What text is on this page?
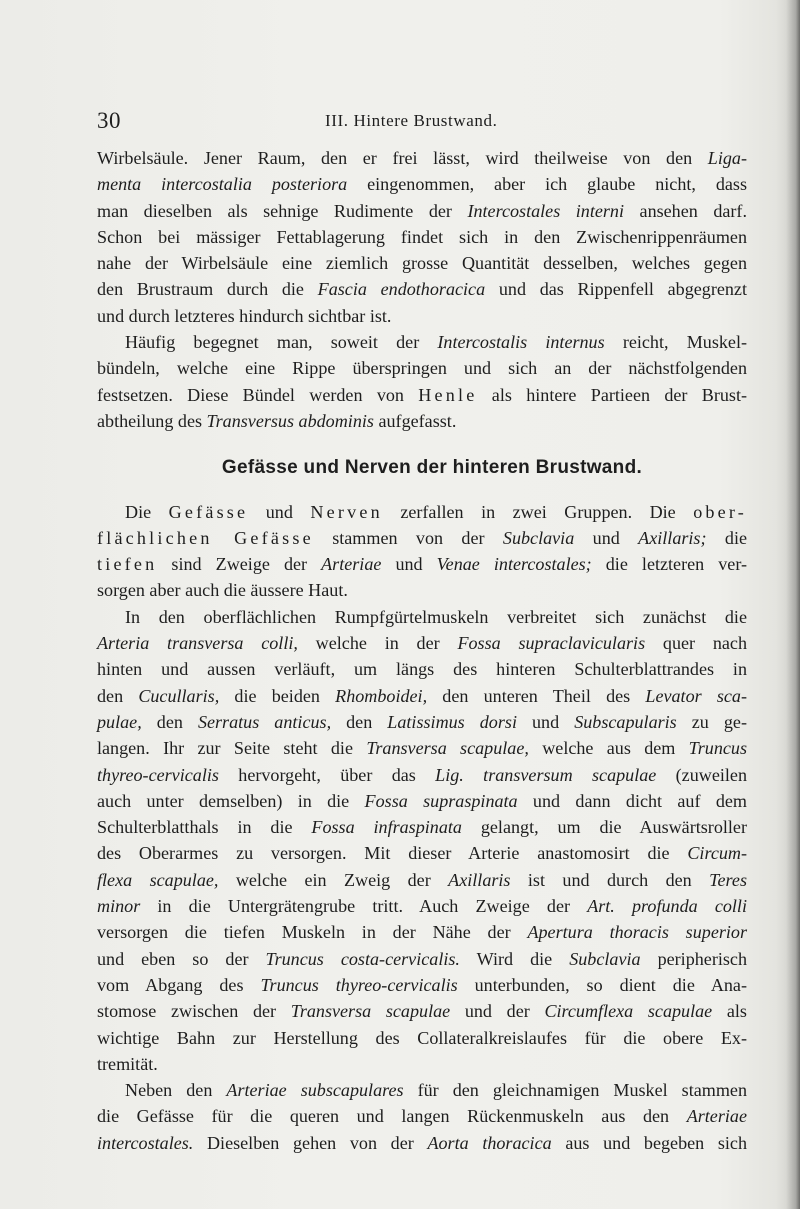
30	III. Hintere Brustwand.
Wirbelsäule. Jener Raum, den er frei lässt, wird theilweise von den Liga-
menta intercostalia posteriora eingenommen, aber ich glaube nicht, dass
man dieselben als sehnige Rudimente der Intercostales interni ansehen darf.
Schon bei mässiger Fettablagerung findet sich in den Zwischenrippenräumen
nahe der Wirbelsäule eine ziemlich grosse Quantität desselben, welches gegen
den Brustraum durch die Fascia endothoracica und das Rippenfell abgegrenzt
und durch letzteres hindurch sichtbar ist.
Häufig begegnet man, soweit der Intercostalis internus reicht, Muskel-
bündeln, welche eine Rippe überspringen und sich an der nächstfolgenden
festsetzen. Diese Bündel werden von Henle als hintere Partieen der Brust-
abtheilung des Transversus abdominis aufgefasst.
Gefässe und Nerven der hinteren Brustwand.
Die Gefässe und Nerven zerfallen in zwei Gruppen. Die ober-
flächlichen Gefässe stammen von der Subclavia und Axillaris; die
tiefen sind Zweige der Arteriae und Venae intercostales; die letzteren ver-
sorgen aber auch die äussere Haut.
In den oberflächlichen Rumpfgürtelmuskeln verbreitet sich zunächst die
Arteria transversa colli, welche in der Fossa supraclavicularis quer nach
hinten und aussen verläuft, um längs des hinteren Schulterblattrandes in
den Cucullaris, die beiden Rhomboidei, den unteren Theil des Levator sca-
pulae, den Serratus anticus, den Latissimus dorsi und Subscapularis zu ge-
langen. Ihr zur Seite steht die Transversa scapulae, welche aus dem Truncus
thyreo-cervicalis hervorgeht, über das Lig. transversum scapulae (zuweilen
auch unter demselben) in die Fossa supraspinata und dann dicht auf dem
Schulterblatthals in die Fossa infraspinata gelangt, um die Auswärtsroller
des Oberarmes zu versorgen. Mit dieser Arterie anastomosirt die Circum-
flexa scapulae, welche ein Zweig der Axillaris ist und durch den Teres
minor in die Untergrätengrube tritt. Auch Zweige der Art. profunda colli
versorgen die tiefen Muskeln in der Nähe der Apertura thoracis superior
und eben so der Truncus costa-cervicalis. Wird die Subclavia peripherisch
vom Abgang des Truncus thyreo-cervicalis unterbunden, so dient die Ana-
stomose zwischen der Transversa scapulae und der Circumflexa scapulae als
wichtige Bahn zur Herstellung des Collateralkreislaufes für die obere Ex-
tremität.
Neben den Arteriae subscapulares für den gleichnamigen Muskel stammen
die Gefässe für die queren und langen Rückenmuskeln aus den Arteriae
intercostales. Dieselben gehen von der Aorta thoracica aus und begeben sich
